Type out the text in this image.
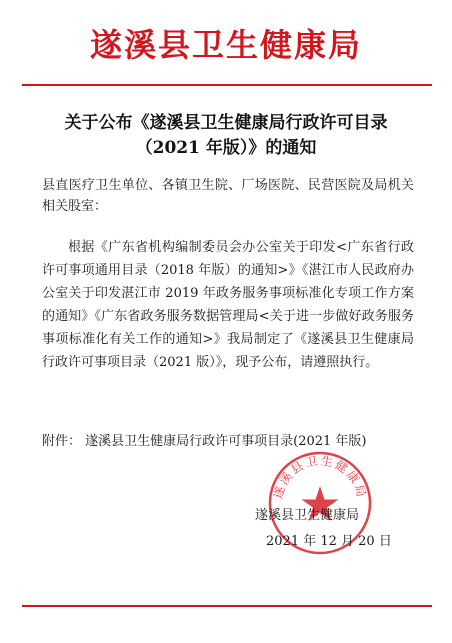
遂溪县卫生健康局
关于公布《遂溪县卫生健康局行政许可目录
（2021 年版）》的通知
县直医疗卫生单位、各镇卫生院、厂场医院、民营医院及局机关相关股室：
根据《广东省机构编制委员会办公室关于印发<广东省行政许可事项通用目录（2018 年版）的通知>》《湛江市人民政府办公室关于印发湛江市 2019 年政务服务事项标准化专项工作方案的通知》《广东省政务服务数据管理局<关于进一步做好政务服务事项标准化有关工作的通知>》我局制定了《遂溪县卫生健康局行政许可事项目录（2021 版）》，现予公布，请遵照执行。
附件： 遂溪县卫生健康局行政许可事项目录(2021 年版)
遂溪县卫生健康局
遂溪县卫生健康局
2021 年 12 月 20 日
